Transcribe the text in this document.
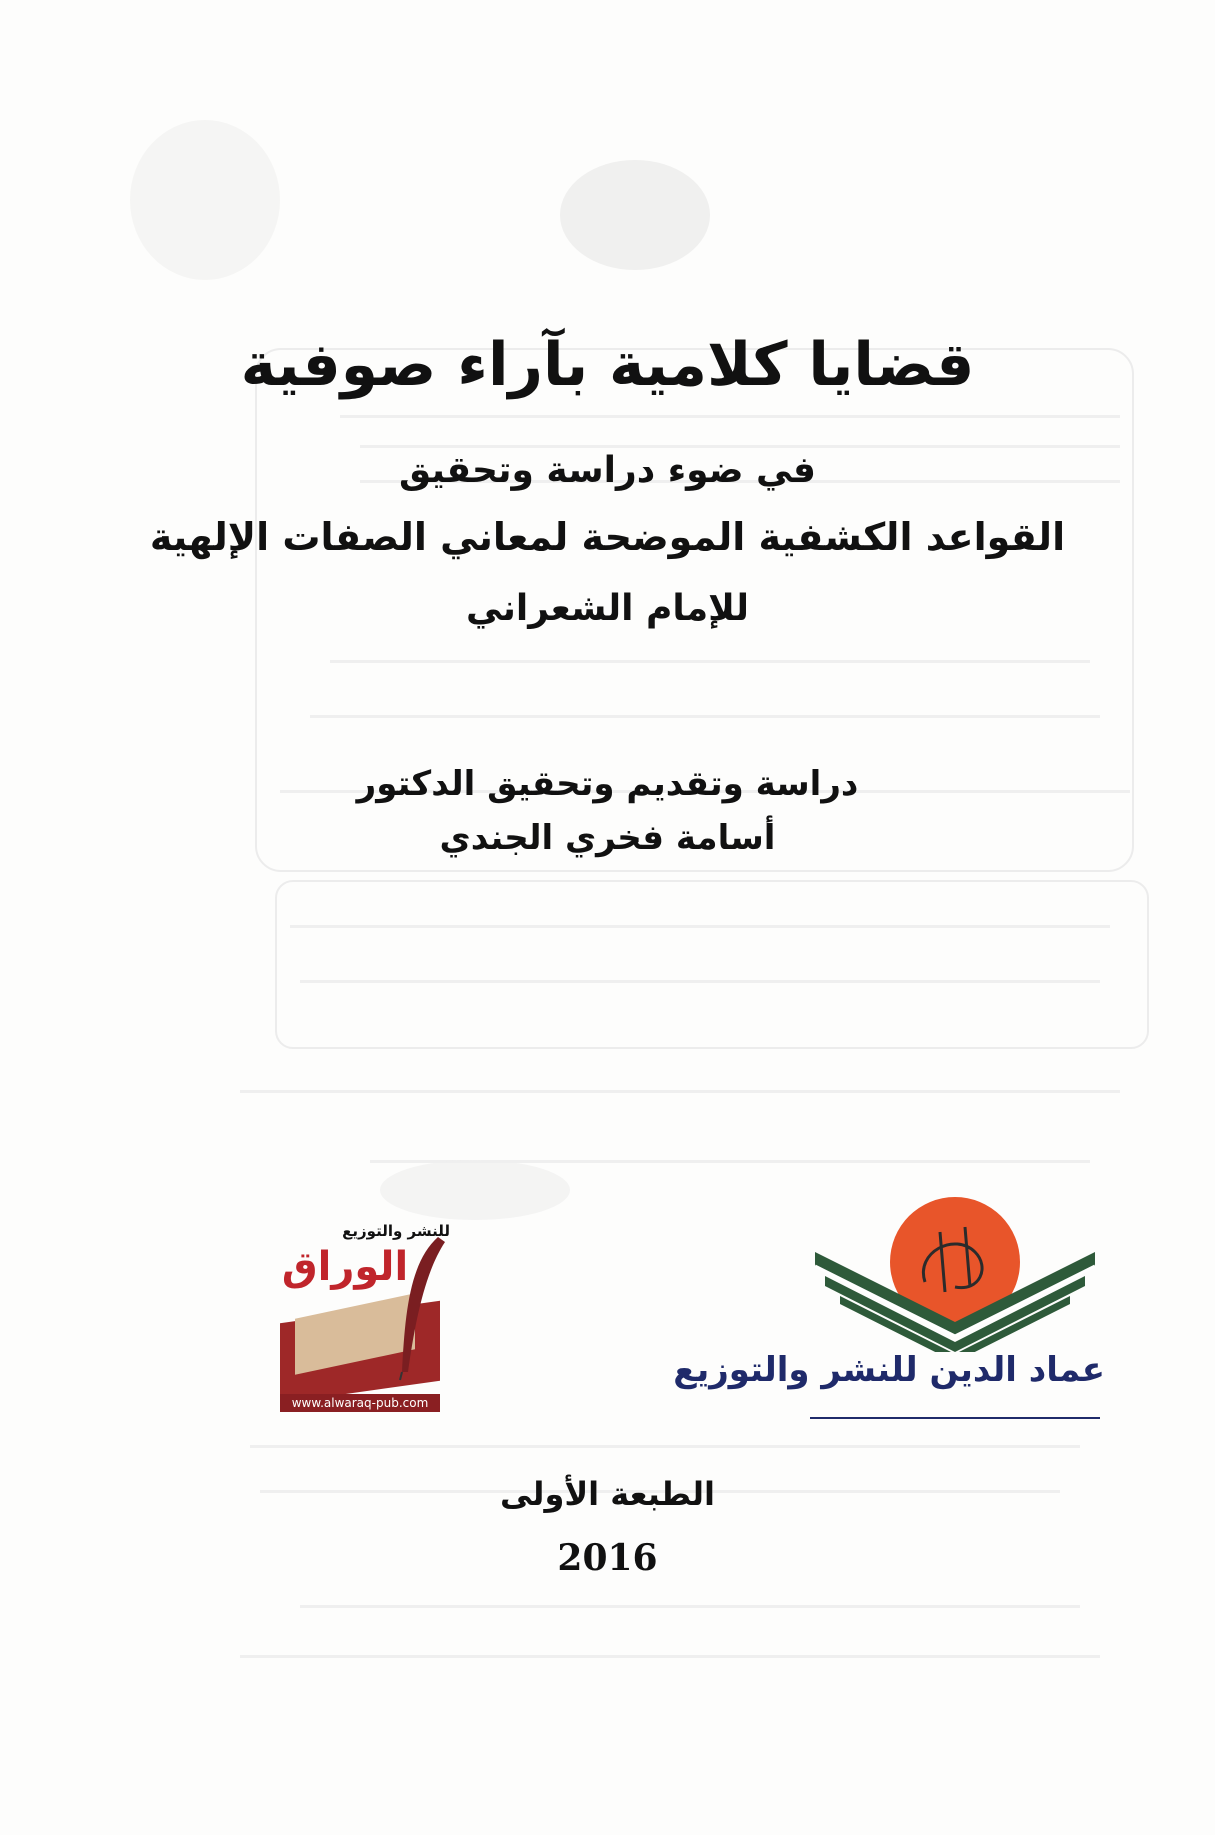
قضايا كلامية بآراء صوفية
في ضوء دراسة وتحقيق
القواعد الكشفية الموضحة لمعاني الصفات الإلهية
للإمام الشعراني
دراسة وتقديم وتحقيق الدكتور
أسامة فخري الجندي
للنشر والتوزيع
الوراق
www.alwaraq-pub.com
عماد الدين للنشر والتوزيع
الطبعة الأولى
2016
